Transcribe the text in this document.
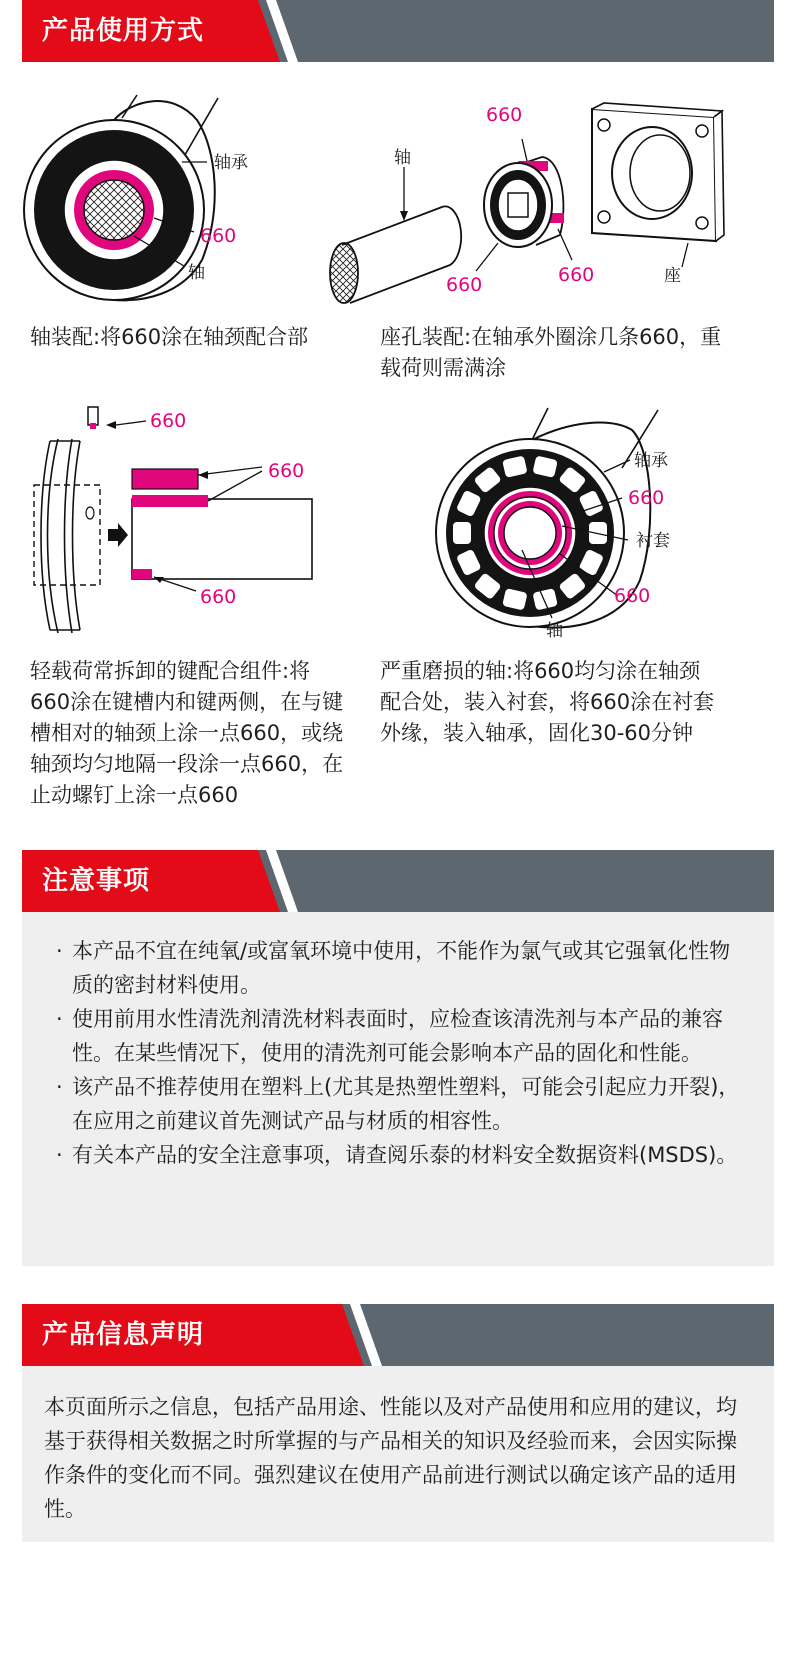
产品使用方式
轴承
660
轴
轴装配:将660涂在轴颈配合部
轴
660
660	660	座
座孔装配:在轴承外圈涂几条660，重载荷则需满涂
660
660
660
轻载荷常拆卸的键配合组件:将660涂在键槽内和键两侧，在与键槽相对的轴颈上涂一点660，或绕轴颈均匀地隔一段涂一点660，在止动螺钉上涂一点660
轴承
660
衬套
660
轴
严重磨损的轴:将660均匀涂在轴颈配合处，装入衬套，将660涂在衬套外缘，装入轴承，固化30-60分钟
注意事项
· 本产品不宜在纯氧/或富氧环境中使用，不能作为氯气或其它强氧化性物质的密封材料使用。
· 使用前用水性清洗剂清洗材料表面时，应检查该清洗剂与本产品的兼容性。在某些情况下，使用的清洗剂可能会影响本产品的固化和性能。
· 该产品不推荐使用在塑料上(尤其是热塑性塑料，可能会引起应力开裂)，在应用之前建议首先测试产品与材质的相容性。
· 有关本产品的安全注意事项，请查阅乐泰的材料安全数据资料(MSDS)。
产品信息声明
本页面所示之信息，包括产品用途、性能以及对产品使用和应用的建议，均基于获得相关数据之时所掌握的与产品相关的知识及经验而来，会因实际操作条件的变化而不同。强烈建议在使用产品前进行测试以确定该产品的适用性。
